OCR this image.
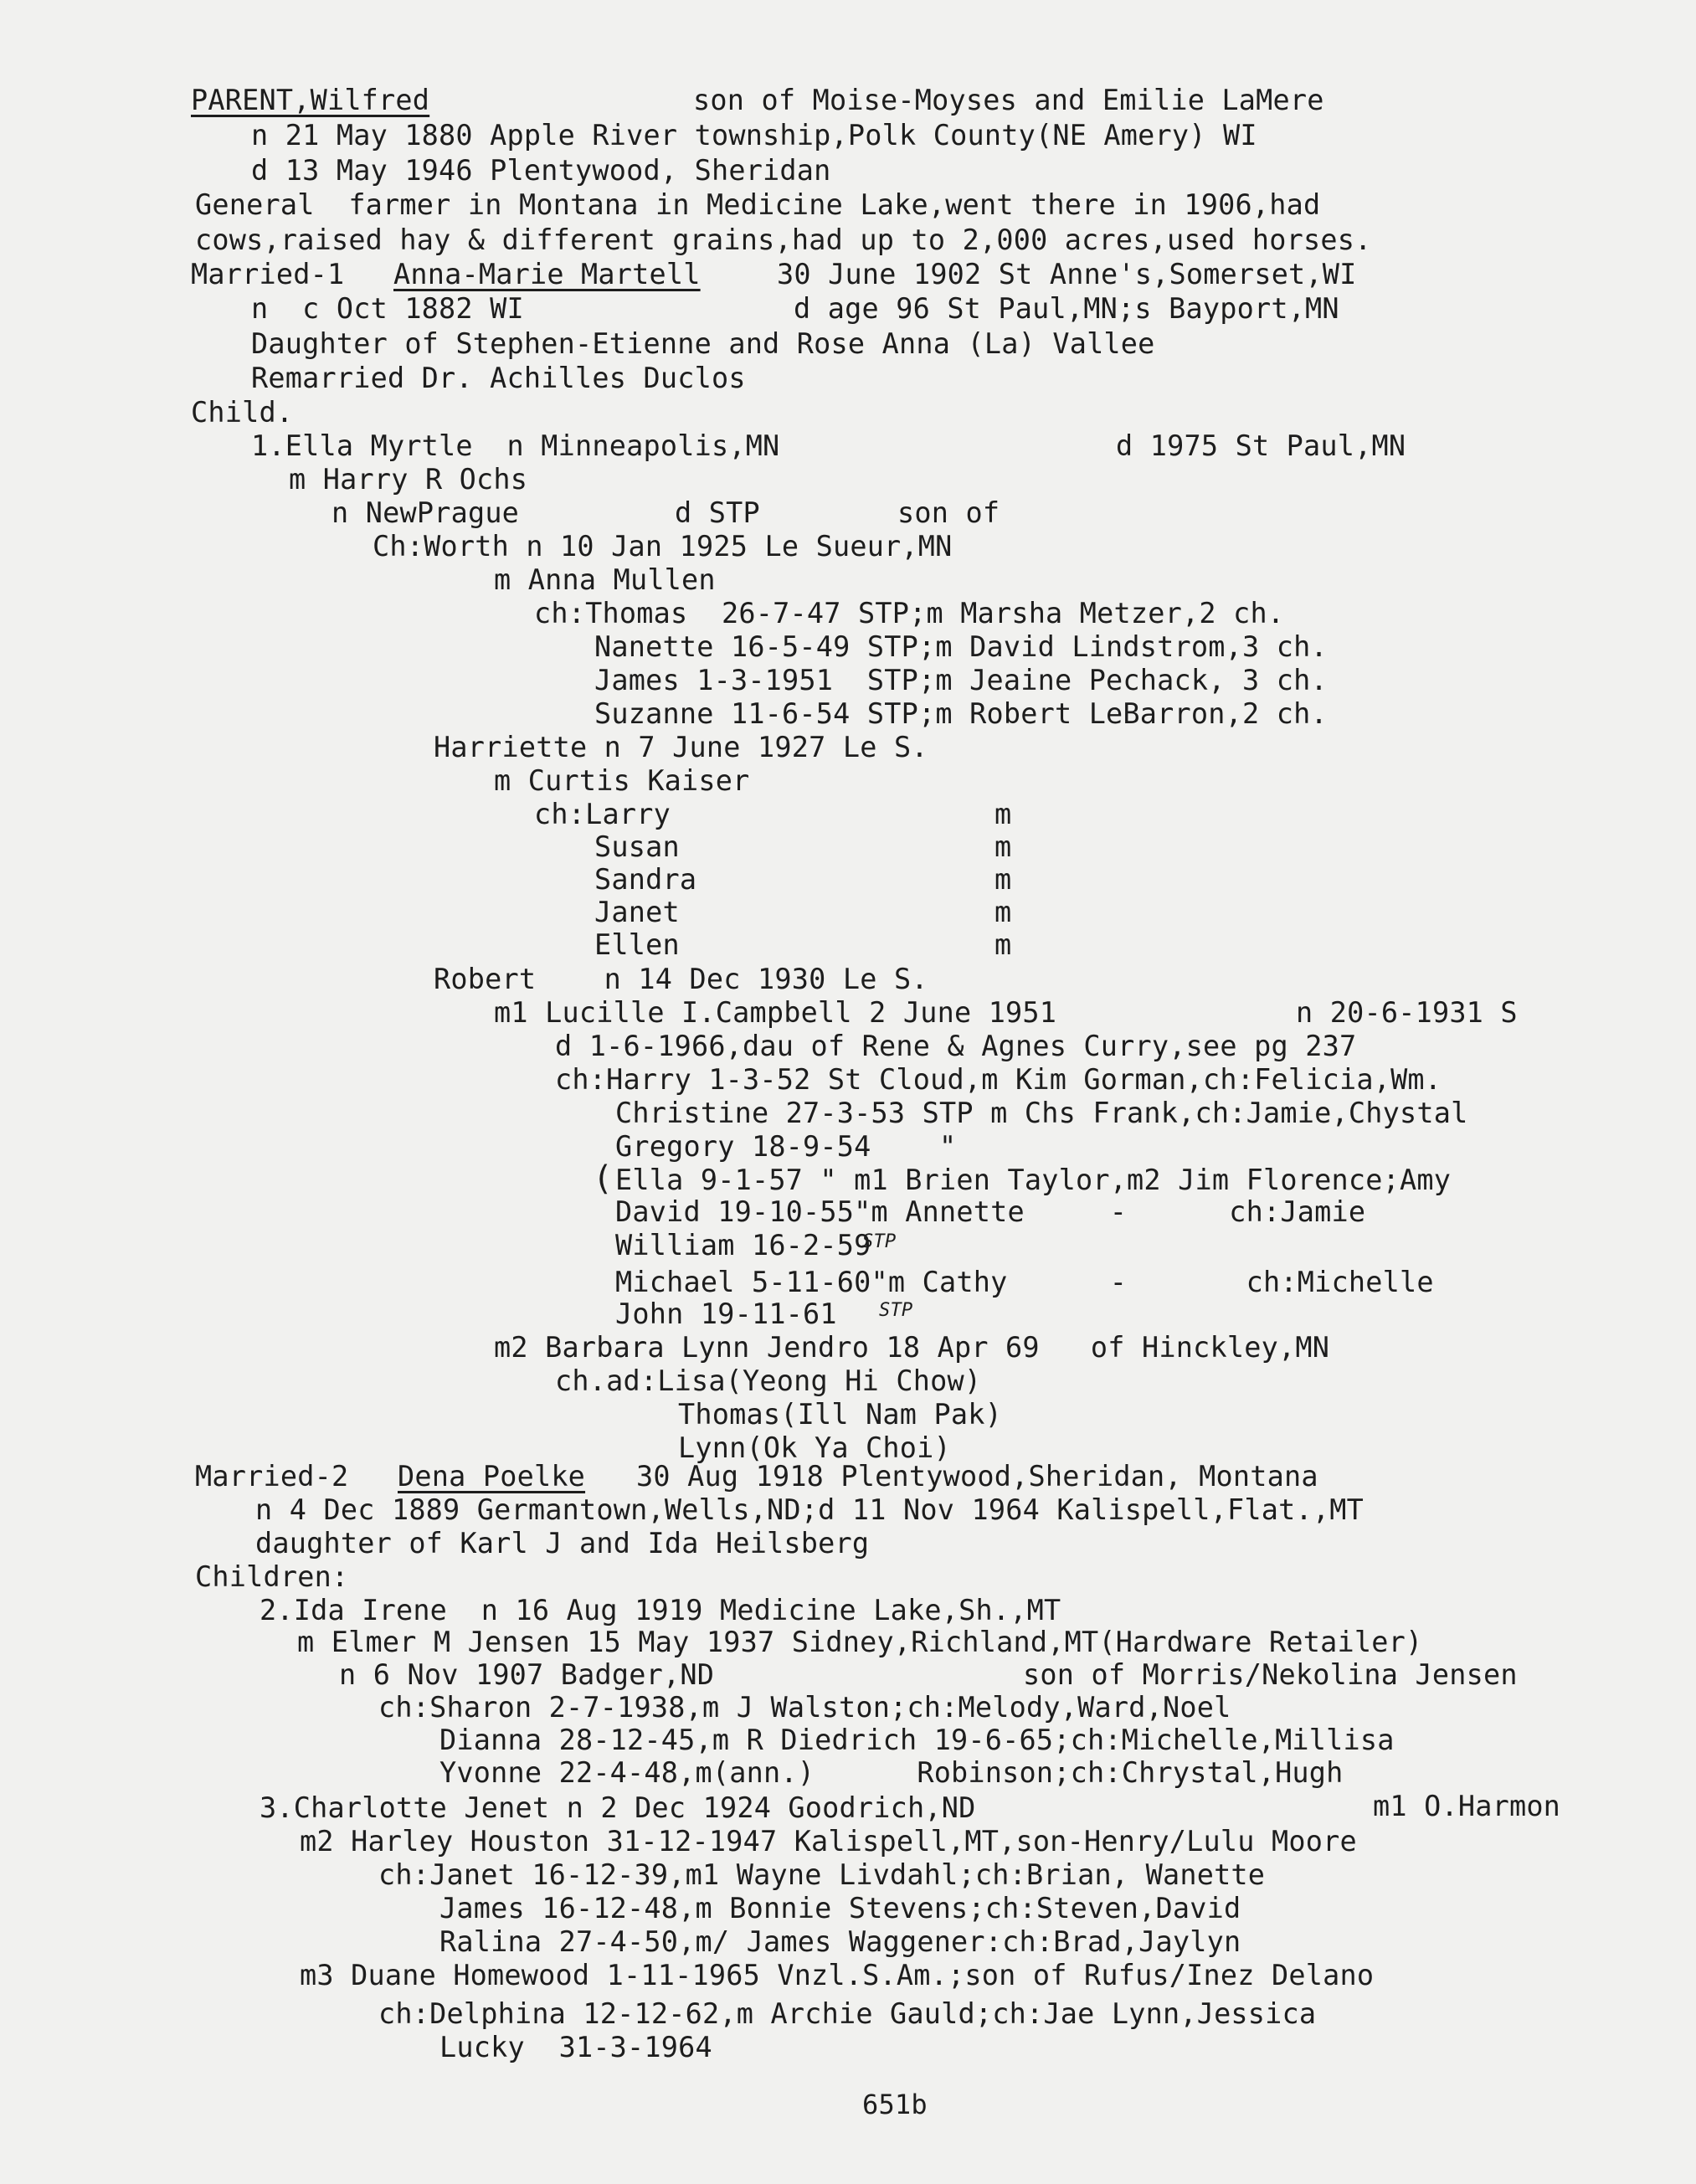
PARENT,Wilfred	son of Moise-Moyses and Emilie LaMere
n 21 May 1880 Apple River township,Polk County(NE Amery) WI
d 13 May 1946 Plentywood, Sheridan
General  farmer in Montana in Medicine Lake,went there in 1906,had
cows,raised hay & different grains,had up to 2,000 acres,used horses.
Married-1 Anna-Marie Martell	30 June 1902 St Anne's,Somerset,WI
n  c Oct 1882 WI	d age 96 St Paul,MN;s Bayport,MN
Daughter of Stephen-Etienne and Rose Anna (La) Vallee
Remarried Dr. Achilles Duclos
Child.
1.Ella Myrtle  n Minneapolis,MN	d 1975 St Paul,MN
m Harry R Ochs
n NewPrague	d STP	son of
Ch:Worth n 10 Jan 1925 Le Sueur,MN
m Anna Mullen
ch:Thomas  26-7-47 STP;m Marsha Metzer,2 ch.
Nanette 16-5-49 STP;m David Lindstrom,3 ch.
James 1-3-1951  STP;m Jeaine Pechack, 3 ch.
Suzanne 11-6-54 STP;m Robert LeBarron,2 ch.
Harriette n 7 June 1927 Le S.
m Curtis Kaiser
ch:Larry	m
Susan	m
Sandra	m
Janet	m
Ellen	m
Robert    n 14 Dec 1930 Le S.
m1 Lucille I.Campbell 2 June 1951	n 20-6-1931 S
d 1-6-1966,dau of Rene & Agnes Curry,see pg 237
ch:Harry 1-3-52 St Cloud,m Kim Gorman,ch:Felicia,Wm.
Christine 27-3-53 STP m Chs Frank,ch:Jamie,Chystal
Gregory 18-9-54    "
( Ella 9-1-57 " m1 Brien Taylor,m2 Jim Florence;Amy
David 19-10-55"m Annette     -      ch:Jamie
William 16-2-59
STP
Michael 5-11-60"m Cathy      -       ch:Michelle
John 19-11-61 STP
m2 Barbara Lynn Jendro 18 Apr 69   of Hinckley,MN
ch.ad:Lisa(Yeong Hi Chow)
Thomas(Ill Nam Pak)
Lynn(Ok Ya Choi)
Married-2 Dena Poelke 30 Aug 1918 Plentywood,Sheridan, Montana
n 4 Dec 1889 Germantown,Wells,ND;d 11 Nov 1964 Kalispell,Flat.,MT
daughter of Karl J and Ida Heilsberg
Children:
2.Ida Irene  n 16 Aug 1919 Medicine Lake,Sh.,MT
m Elmer M Jensen 15 May 1937 Sidney,Richland,MT(Hardware Retailer)
n 6 Nov 1907 Badger,ND	son of Morris/Nekolina Jensen
ch:Sharon 2-7-1938,m J Walston;ch:Melody,Ward,Noel
Dianna 28-12-45,m R Diedrich 19-6-65;ch:Michelle,Millisa
Yvonne 22-4-48,m(ann.)      Robinson;ch:Chrystal,Hugh
3.Charlotte Jenet n 2 Dec 1924 Goodrich,ND	m1 O.Harmon
m2 Harley Houston 31-12-1947 Kalispell,MT,son-Henry/Lulu Moore
ch:Janet 16-12-39,m1 Wayne Livdahl;ch:Brian, Wanette
James 16-12-48,m Bonnie Stevens;ch:Steven,David
Ralina 27-4-50,m/ James Waggener:ch:Brad,Jaylyn
m3 Duane Homewood 1-11-1965 Vnzl.S.Am.;son of Rufus/Inez Delano
ch:Delphina 12-12-62,m Archie Gauld;ch:Jae Lynn,Jessica
Lucky  31-3-1964
651b
